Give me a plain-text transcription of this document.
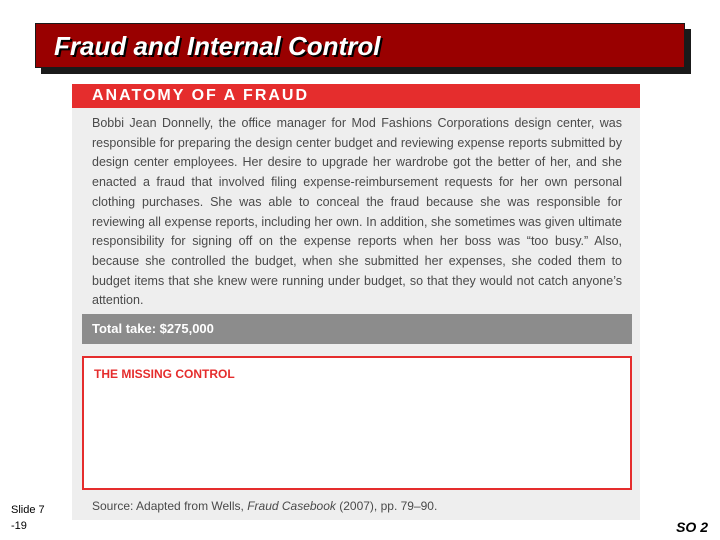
Fraud and Internal Control
ANATOMY OF A FRAUD

Bobbi Jean Donnelly, the office manager for Mod Fashions Corporations design center, was responsible for preparing the design center budget and reviewing expense reports submitted by design center employees. Her desire to upgrade her wardrobe got the better of her, and she enacted a fraud that involved filing expense-reimbursement requests for her own personal clothing purchases. She was able to conceal the fraud because she was responsible for reviewing all expense reports, including her own. In addition, she sometimes was given ultimate responsibility for signing off on the expense reports when her boss was “too busy.” Also, because she controlled the budget, when she submitted her expenses, she coded them to budget items that she knew were running under budget, so that they would not catch anyone’s attention.

Total take: $275,000
THE MISSING CONTROL
Source: Adapted from Wells, Fraud Casebook (2007), pp. 79–90.
Slide 7 -19	SO 2
